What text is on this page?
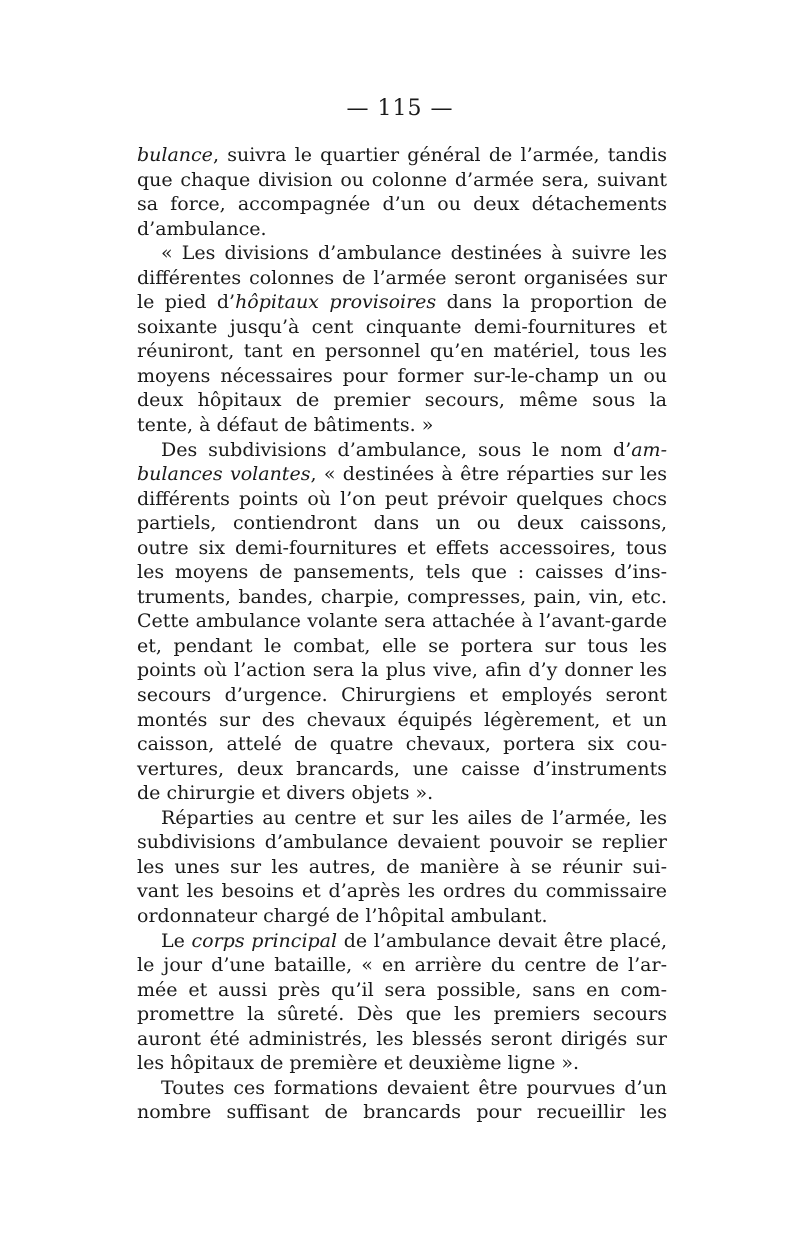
— 115 —
bulance, suivra le quartier général de l’armée, tandis
que chaque division ou colonne d’armée sera, suivant
sa force, accompagnée d’un ou deux détachements
d’ambulance.
« Les divisions d’ambulance destinées à suivre les
différentes colonnes de l’armée seront organisées sur
le pied d’hôpitaux provisoires dans la proportion de
soixante jusqu’à cent cinquante demi-fournitures et
réuniront, tant en personnel qu’en matériel, tous les
moyens nécessaires pour former sur-le-champ un ou
deux hôpitaux de premier secours, même sous la
tente, à défaut de bâtiments. »
Des subdivisions d’ambulance, sous le nom d’am-
bulances volantes, « destinées à être réparties sur les
différents points où l’on peut prévoir quelques chocs
partiels, contiendront dans un ou deux caissons,
outre six demi-fournitures et effets accessoires, tous
les moyens de pansements, tels que : caisses d’ins-
truments, bandes, charpie, compresses, pain, vin, etc.
Cette ambulance volante sera attachée à l’avant-garde
et, pendant le combat, elle se portera sur tous les
points où l’action sera la plus vive, afin d’y donner les
secours d’urgence. Chirurgiens et employés seront
montés sur des chevaux équipés légèrement, et un
caisson, attelé de quatre chevaux, portera six cou-
vertures, deux brancards, une caisse d’instruments
de chirurgie et divers objets ».
Réparties au centre et sur les ailes de l’armée, les
subdivisions d’ambulance devaient pouvoir se replier
les unes sur les autres, de manière à se réunir sui-
vant les besoins et d’après les ordres du commissaire
ordonnateur chargé de l’hôpital ambulant.
Le corps principal de l’ambulance devait être placé,
le jour d’une bataille, « en arrière du centre de l’ar-
mée et aussi près qu’il sera possible, sans en com-
promettre la sûreté. Dès que les premiers secours
auront été administrés, les blessés seront dirigés sur
les hôpitaux de première et deuxième ligne ».
Toutes ces formations devaient être pourvues d’un
nombre suffisant de brancards pour recueillir les
